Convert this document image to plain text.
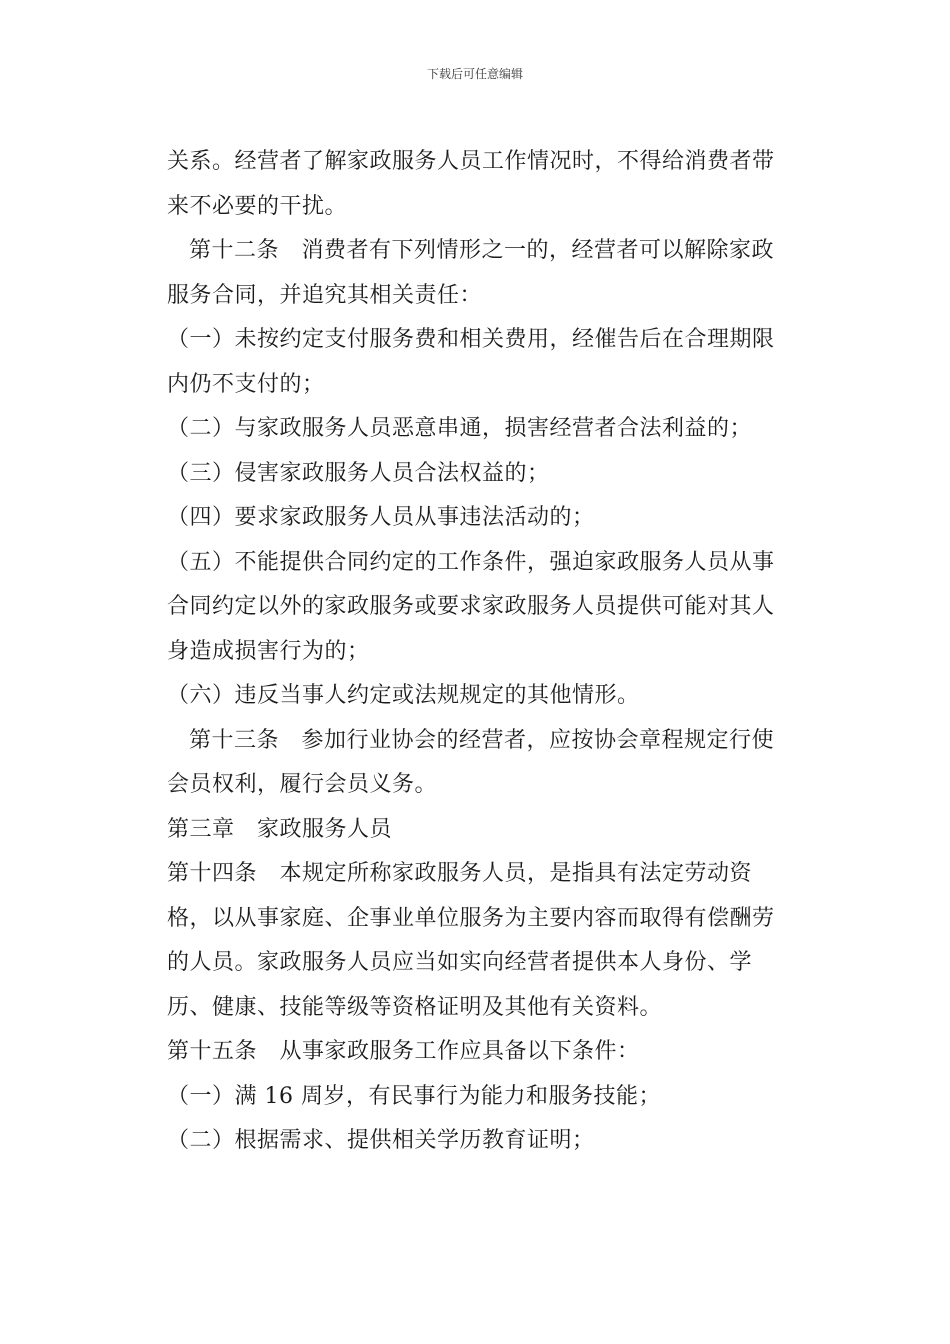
下载后可任意编辑
关系。经营者了解家政服务人员工作情况时，不得给消费者带
来不必要的干扰。
第十二条　消费者有下列情形之一的，经营者可以解除家政
服务合同，并追究其相关责任：
（一）未按约定支付服务费和相关费用，经催告后在合理期限
内仍不支付的；
（二）与家政服务人员恶意串通，损害经营者合法利益的；
（三）侵害家政服务人员合法权益的；
（四）要求家政服务人员从事违法活动的；
（五）不能提供合同约定的工作条件，强迫家政服务人员从事
合同约定以外的家政服务或要求家政服务人员提供可能对其人
身造成损害行为的；
（六）违反当事人约定或法规规定的其他情形。
第十三条　参加行业协会的经营者，应按协会章程规定行使
会员权利，履行会员义务。
第三章　家政服务人员
第十四条　本规定所称家政服务人员，是指具有法定劳动资
格，以从事家庭、企事业单位服务为主要内容而取得有偿酬劳
的人员。家政服务人员应当如实向经营者提供本人身份、学
历、健康、技能等级等资格证明及其他有关资料。
第十五条　从事家政服务工作应具备以下条件：
（一）满 16 周岁，有民事行为能力和服务技能；
（二）根据需求、提供相关学历教育证明；
